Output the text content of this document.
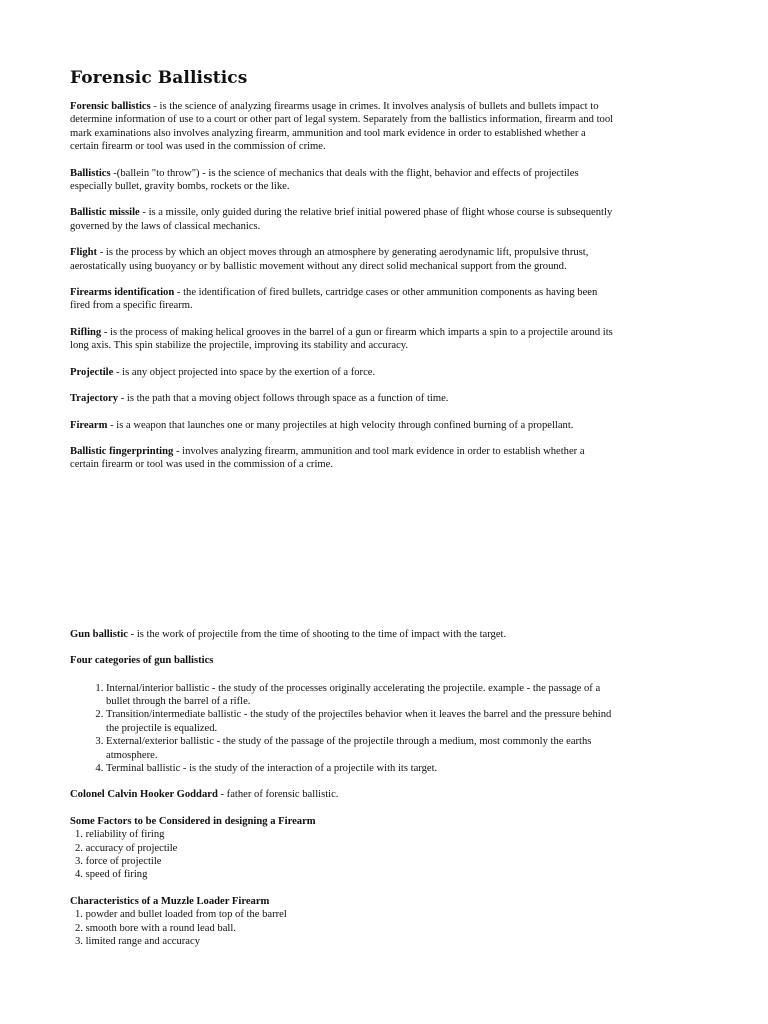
Forensic Ballistics

Forensic ballistics - is the science of analyzing firearms usage in crimes. It involves analysis of bullets and bullets impact to determine information of use to a court or other part of legal system. Separately from the ballistics information, firearm and tool mark examinations also involves analyzing firearm, ammunition and tool mark evidence in order to established whether a certain firearm or tool was used in the commission of crime.

Ballistics -(ballein "to throw") - is the science of mechanics that deals with the flight, behavior and effects of projectiles especially bullet, gravity bombs, rockets or the like.

Ballistic missile - is a missile, only guided during the relative brief initial powered phase of flight whose course is subsequently governed by the laws of classical mechanics.

Flight - is the process by which an object moves through an atmosphere by generating aerodynamic lift, propulsive thrust, aerostatically using buoyancy or by ballistic movement without any direct solid mechanical support from the ground.

Firearms identification - the identification of fired bullets, cartridge cases or other ammunition components as having been fired from a specific firearm.

Rifling - is the process of making helical grooves in the barrel of a gun or firearm which imparts a spin to a projectile around its long axis. This spin stabilize the projectile, improving its stability and accuracy.

Projectile - is any object projected into space by the exertion of a force.

Trajectory - is the path that a moving object follows through space as a function of time.

Firearm - is a weapon that launches one or many projectiles at high velocity through confined burning of a propellant.

Ballistic fingerprinting - involves analyzing firearm, ammunition and tool mark evidence in order to establish whether a certain firearm or tool was used in the commission of a crime.

Gun ballistic - is the work of projectile from the time of shooting to the time of impact with the target.

Four categories of gun ballistics

1. Internal/interior ballistic - the study of the processes originally accelerating the projectile. example - the passage of a bullet through the barrel of a rifle.
2. Transition/intermediate ballistic - the study of the projectiles behavior when it leaves the barrel and the pressure behind the projectile is equalized.
3. External/exterior ballistic - the study of the passage of the projectile through a medium, most commonly the earths atmosphere.
4. Terminal ballistic - is the study of the interaction of a projectile with its target.

Colonel Calvin Hooker Goddard - father of forensic ballistic.

Some Factors to be Considered in designing a Firearm
1. reliability of firing
2. accuracy of projectile
3. force of projectile
4. speed of firing
Characteristics of a Muzzle Loader Firearm
1. powder and bullet loaded from top of the barrel
2. smooth bore with a round lead ball.
3. limited range and accuracy
